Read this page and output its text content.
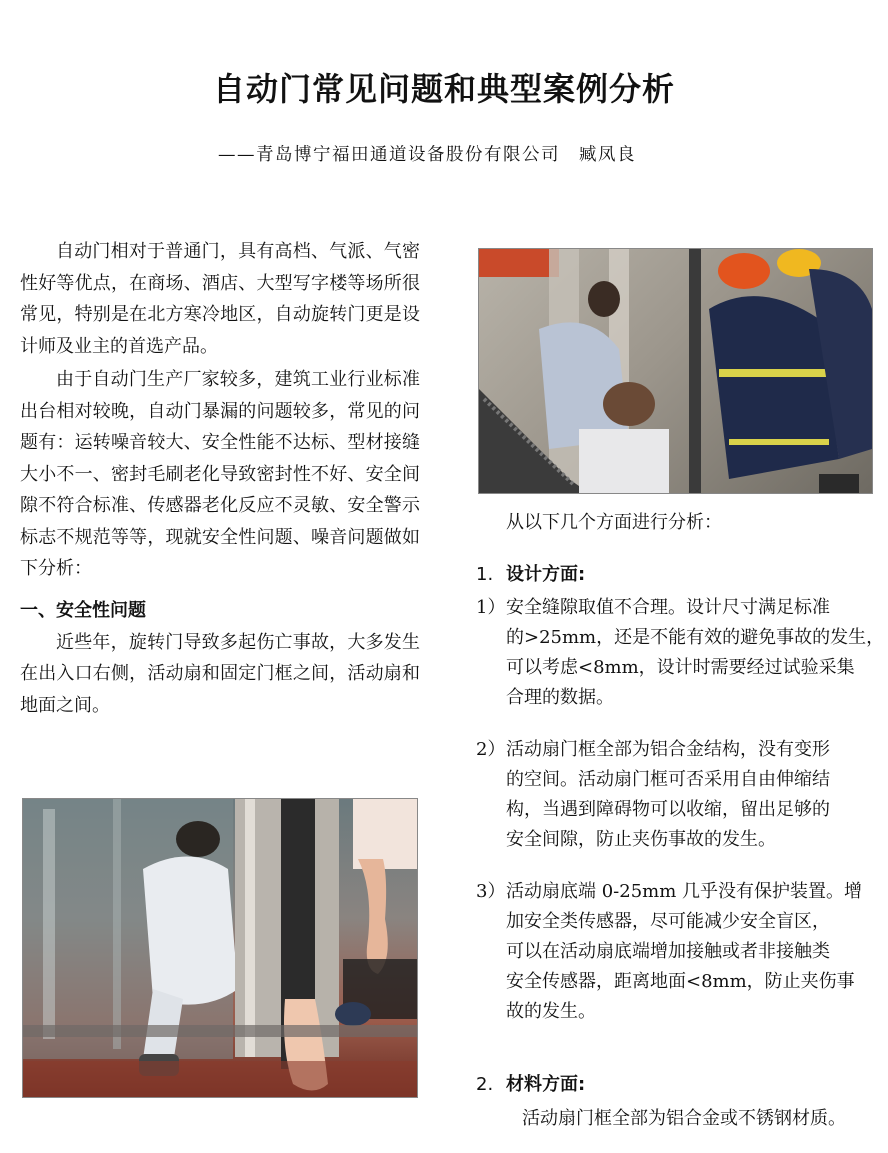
自动门常见问题和典型案例分析
——青岛博宁福田通道设备股份有限公司　臧凤良

自动门相对于普通门，具有高档、气派、气密性好等优点，在商场、酒店、大型写字楼等场所很常见，特别是在北方寒冷地区，自动旋转门更是设计师及业主的首选产品。

由于自动门生产厂家较多，建筑工业行业标准出台相对较晚，自动门暴漏的问题较多，常见的问题有：运转噪音较大、安全性能不达标、型材接缝大小不一、密封毛刷老化导致密封性不好、安全间隙不符合标准、传感器老化反应不灵敏、安全警示标志不规范等等，现就安全性问题、噪音问题做如下分析：

一、安全性问题

近些年，旋转门导致多起伤亡事故，大多发生在出入口右侧，活动扇和固定门框之间，活动扇和地面之间。

从以下几个方面进行分析：
1. 设计方面:
1）安全缝隙取值不合理。设计尺寸满足标准
的>25mm，还是不能有效的避免事故的发生，
可以考虑<8mm，设计时需要经过试验采集
合理的数据。
2）活动扇门框全部为铝合金结构，没有变形
的空间。活动扇门框可否采用自由伸缩结
构，当遇到障碍物可以收缩，留出足够的
安全间隙，防止夹伤事故的发生。
3）活动扇底端 0-25mm 几乎没有保护装置。增
加安全类传感器，尽可能减少安全盲区，
可以在活动扇底端增加接触或者非接触类
安全传感器，距离地面<8mm，防止夹伤事
故的发生。
2. 材料方面:
活动扇门框全部为铝合金或不锈钢材质。
